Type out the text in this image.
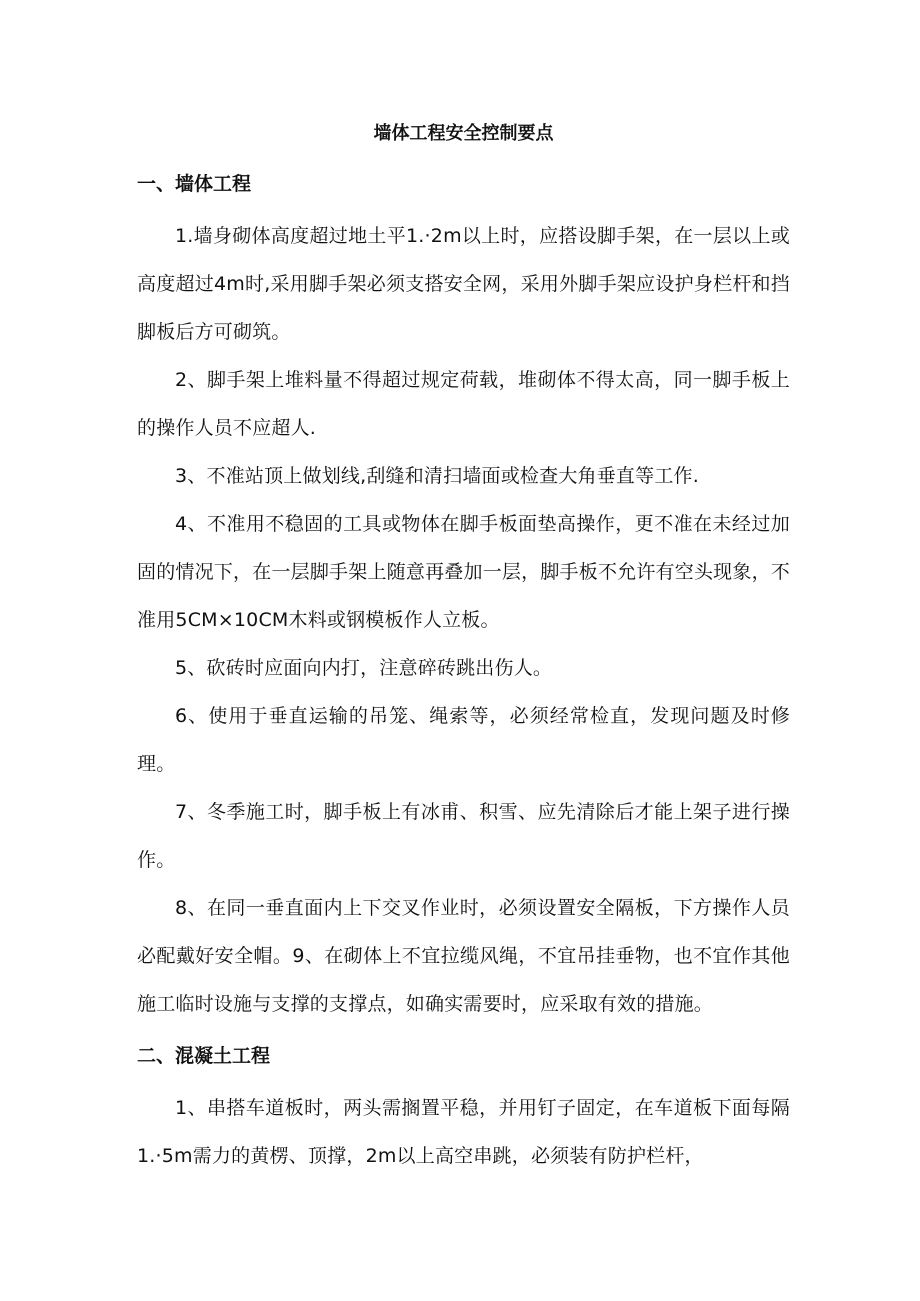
墙体工程安全控制要点
一、墙体工程

1.墙身砌体高度超过地土平1.·2m以上时，应搭设脚手架，在一层以上或高度超过4m时,采用脚手架必须支搭安全网，采用外脚手架应设护身栏杆和挡脚板后方可砌筑。

2、脚手架上堆料量不得超过规定荷载，堆砌体不得太高，同一脚手板上的操作人员不应超人.

3、不准站顶上做划线,刮缝和清扫墙面或检查大角垂直等工作.

4、不准用不稳固的工具或物体在脚手板面垫高操作，更不准在未经过加固的情况下，在一层脚手架上随意再叠加一层，脚手板不允许有空头现象，不准用5CM×10CM木料或钢模板作人立板。

5、砍砖时应面向内打，注意碎砖跳出伤人。

6、使用于垂直运输的吊笼、绳索等，必须经常检直，发现问题及时修理。

7、冬季施工时，脚手板上有冰甫、积雪、应先清除后才能上架子进行操作。

8、在同一垂直面内上下交叉作业时，必须设置安全隔板，下方操作人员必配戴好安全帽。9、在砌体上不宜拉缆风绳，不宜吊挂垂物，也不宜作其他施工临时设施与支撑的支撑点，如确实需要时，应采取有效的措施。

二、混凝土工程

1、串搭车道板时，两头需搁置平稳，并用钉子固定，在车道板下面每隔1.·5m需力的黄楞、顶撑，2m以上高空串跳，必须装有防护栏杆，
